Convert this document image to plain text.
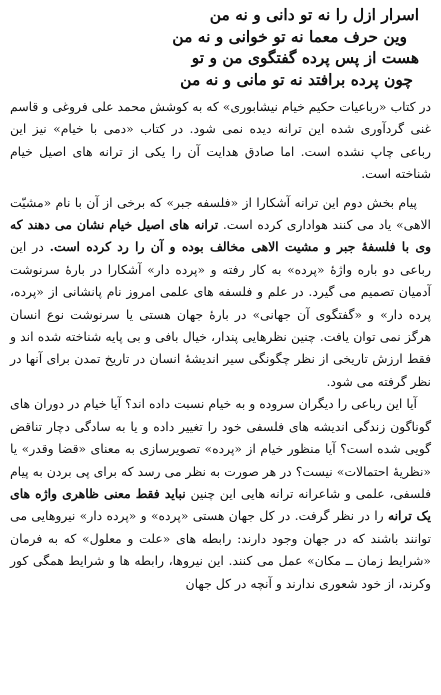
اسرار ازل را نه تو دانی و نه من
وین حرف معما نه تو خوانی و نه من
هست از پس پرده گفتگوی من و تو
چون پرده برافتد نه تو مانی و نه من

در کتاب «رباعیات حکیم خیام نیشابوری» که به کوشش محمد علی فروغی و قاسم غنی گردآوری شده این ترانه دیده نمی شود. در کتاب «دمی با خیام» نیز این رباعی چاپ نشده است. اما صادق هدایت آن را یکی از ترانه های اصیل خیام شناخته است.

پیام بخش دوم این ترانه آشکارا از «فلسفه جبر» که برخی از آن با نام «مشیّت الاهی» یاد می کنند هواداری کرده است. ترانه های اصیل خیام نشان می دهند که وی با فلسفهٔ جبر و مشیت الاهی مخالف بوده و آن را رد کرده است. در این رباعی دو باره واژهٔ «پرده» به کار رفته و «پرده دار» آشکارا در بارهٔ سرنوشت آدمیان تصمیم می گیرد. در علم و فلسفه های علمی امروز نام پانشانی از «پرده، پرده دار» و «گفتگوی آن جهانی» در بارهٔ جهان هستی یا سرنوشت نوع انسان هرگز نمی توان یافت. چنین نظرهایی پندار، خیال بافی و بی پایه شناخته شده اند و فقط ارزش تاریخی از نظر چگونگی سیر اندیشهٔ انسان در تاریخ تمدن برای آنها در نظر گرفته می شود.

آیا این رباعی را دیگران سروده و به خیام نسبت داده اند؟ آیا خیام در دوران های گوناگون زندگی اندیشه های فلسفی خود را تغییر داده و یا به سادگی دچار تناقض گویی شده است؟ آیا منظور خیام از «پرده» تصویرسازی به معنای «قضا وقدر» یا «نظریهٔ احتمالات» نیست؟ در هر صورت به نظر می رسد که برای پی بردن به پیام فلسفی، علمی و شاعرانه ترانه هایی این چنین نباید فقط معنی ظاهری واژه های یک ترانه را در نظر گرفت. در کل جهان هستی «پرده» و «پرده دار» نیروهایی می توانند باشند که در جهان وجود دارند: رابطه های «علت و معلول» که به فرمان «شرایط زمان ــ مکان» عمل می کنند. این نیروها، رابطه ها و شرایط همگی کور وکرند، از خود شعوری ندارند و آنچه در کل جهان
